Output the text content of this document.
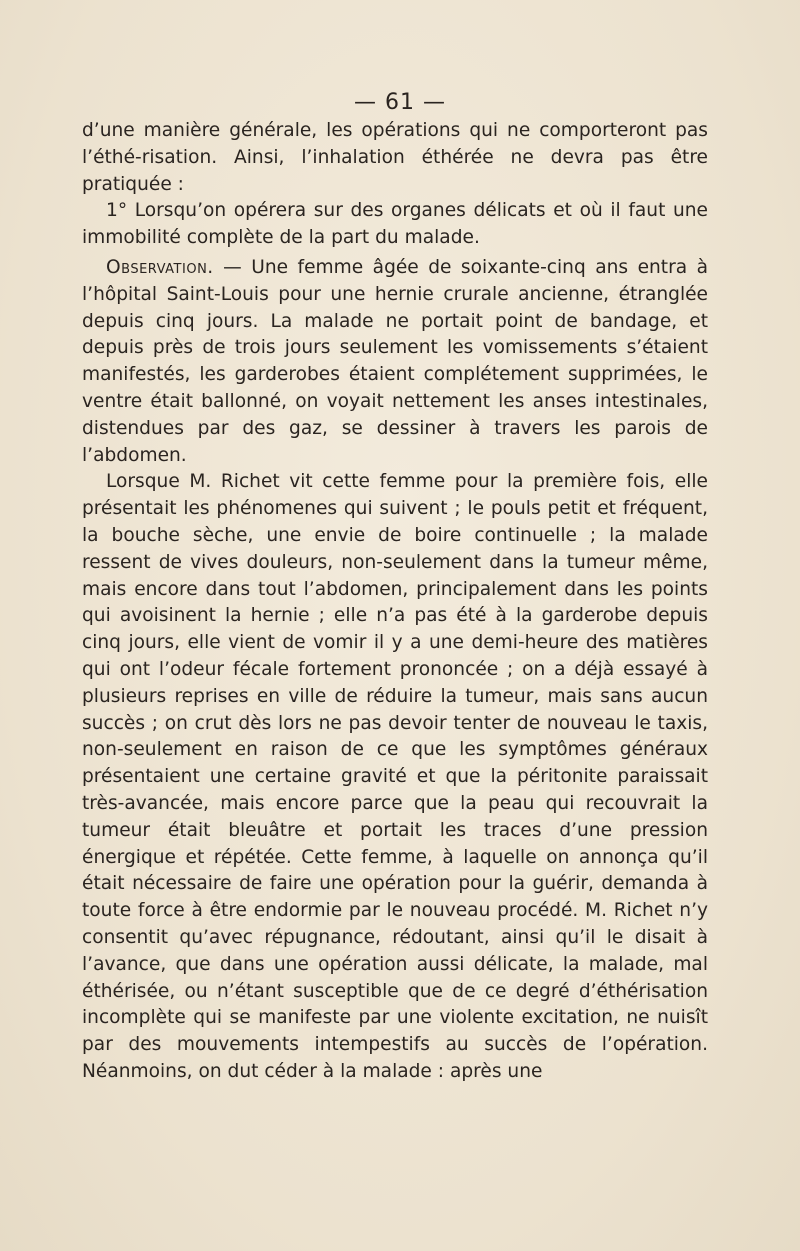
— 61 —

d’une manière générale, les opérations qui ne comporteront pas l’éthé-risation. Ainsi, l’inhalation éthérée ne devra pas être pratiquée :

1° Lorsqu’on opérera sur des organes délicats et où il faut une immobilité complète de la part du malade.

Observation. — Une femme âgée de soixante-cinq ans entra à l’hôpital Saint-Louis pour une hernie crurale ancienne, étranglée depuis cinq jours. La malade ne portait point de bandage, et depuis près de trois jours seulement les vomissements s’étaient manifestés, les garderobes étaient complétement supprimées, le ventre était ballonné, on voyait nettement les anses intestinales, distendues par des gaz, se dessiner à travers les parois de l’abdomen.

Lorsque M. Richet vit cette femme pour la première fois, elle présentait les phénomenes qui suivent ; le pouls petit et fréquent, la bouche sèche, une envie de boire continuelle ; la malade ressent de vives douleurs, non-seulement dans la tumeur même, mais encore dans tout l’abdomen, principalement dans les points qui avoisinent la hernie ; elle n’a pas été à la garderobe depuis cinq jours, elle vient de vomir il y a une demi-heure des matières qui ont l’odeur fécale fortement prononcée ; on a déjà essayé à plusieurs reprises en ville de réduire la tumeur, mais sans aucun succès ; on crut dès lors ne pas devoir tenter de nouveau le taxis, non-seulement en raison de ce que les symptômes généraux présentaient une certaine gravité et que la péritonite paraissait très-avancée, mais encore parce que la peau qui recouvrait la tumeur était bleuâtre et portait les traces d’une pression énergique et répétée. Cette femme, à laquelle on annonça qu’il était nécessaire de faire une opération pour la guérir, demanda à toute force à être endormie par le nouveau procédé. M. Richet n’y consentit qu’avec répugnance, rédoutant, ainsi qu’il le disait à l’avance, que dans une opération aussi délicate, la malade, mal éthérisée, ou n’étant susceptible que de ce degré d’éthérisation incomplète qui se manifeste par une violente excitation, ne nuisît par des mouvements intempestifs au succès de l’opération. Néanmoins, on dut céder à la malade : après une
